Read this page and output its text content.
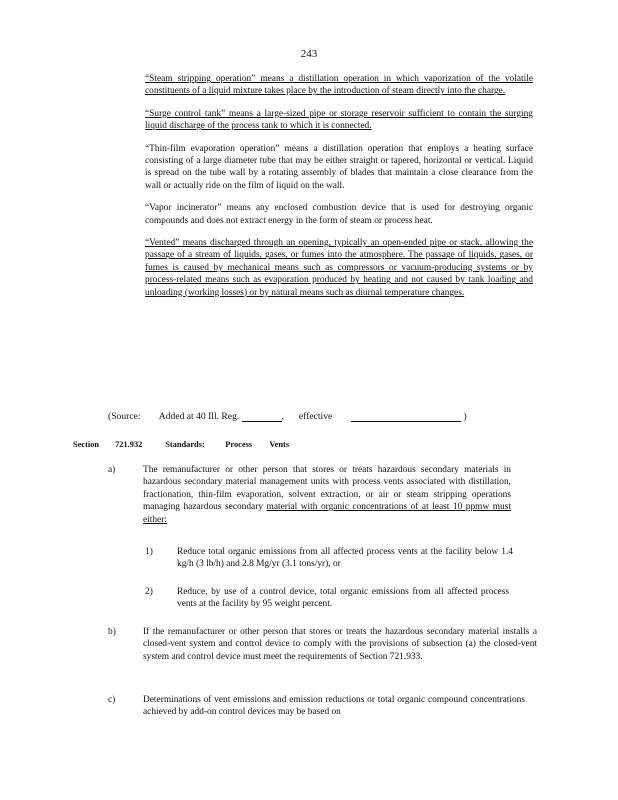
243

“Steam stripping operation” means a distillation operation in which vaporization of the volatile constituents of a liquid mixture takes place by the introduction of steam directly into the charge.

“Surge control tank” means a large-sized pipe or storage reservoir sufficient to contain the surging liquid discharge of the process tank to which it is connected.

“Thin-film evaporation operation” means a distillation operation that employs a heating surface consisting of a large diameter tube that may be either straight or tapered, horizontal or vertical. Liquid is spread on the tube wall by a rotating assembly of blades that maintain a close clearance from the wall or actually ride on the film of liquid on the wall.

“Vapor incinerator” means any enclosed combustion device that is used for destroying organic compounds and does not extract energy in the form of steam or process heat.

“Vented” means discharged through an opening, typically an open-ended pipe or stack, allowing the passage of a stream of liquids, gases, or fumes into the atmosphere. The passage of liquids, gases, or fumes is caused by mechanical means such as compressors or vacuum-producing systems or by process-related means such as evaporation produced by heating and not caused by tank loading and unloading (working losses) or by natural means such as diurnal temperature changes.

(Source: Added at 40 Ill. Reg.	,  effective	)
Section 721.932	Standards: Process Vents
a)	The remanufacturer or other person that stores or treats hazardous secondary materials in hazardous secondary material management units with process vents associated with distillation, fractionation, thin-film evaporation, solvent extraction, or air or steam stripping operations managing hazardous secondary material with organic concentrations of at least 10 ppmw must either:
1)	Reduce total organic emissions from all affected process vents at the facility below 1.4 kg/h (3 lb/h) and 2.8 Mg/yr (3.1 tons/yr), or
2)	Reduce, by use of a control device, total organic emissions from all affected process vents at the facility by 95 weight percent.
b)	If the remanufacturer or other person that stores or treats the hazardous secondary material installs a closed-vent system and control device to comply with the provisions of subsection (a) the closed-vent system and control device must meet the requirements of Section 721.933.
c)	Determinations of vent emissions and emission reductions or total organic compound concentrations achieved by add-on control devices may be based on
